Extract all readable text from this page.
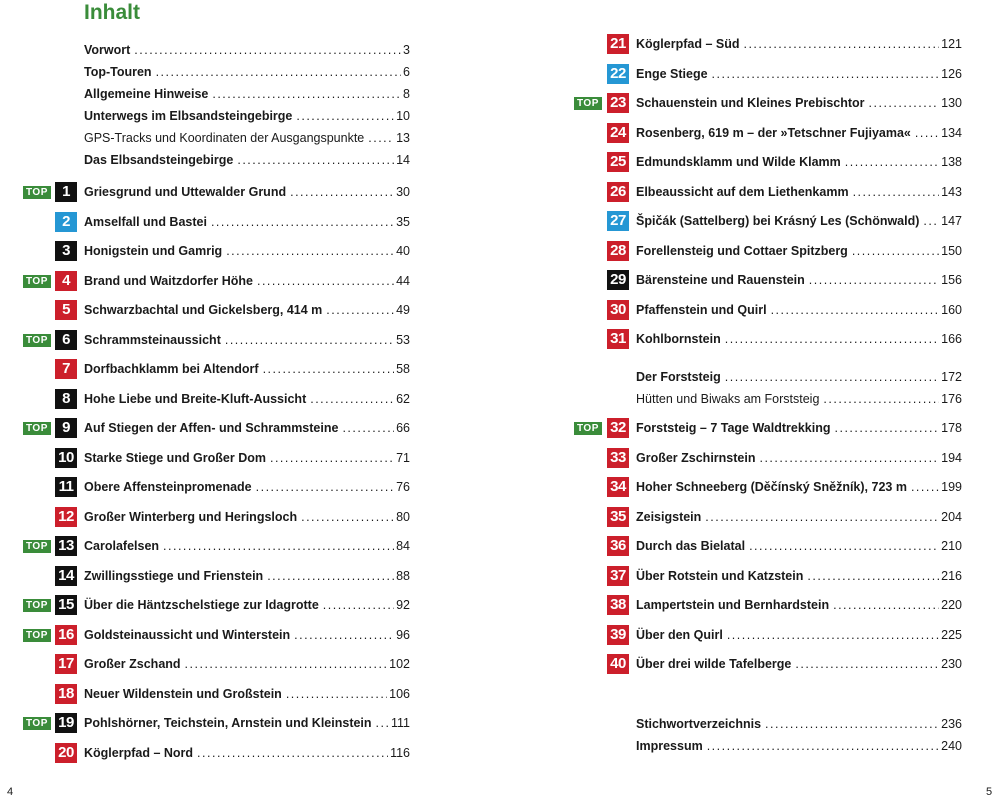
Inhalt
Vorwort .....	3
Top-Touren .....	6
Allgemeine Hinweise .....	8
Unterwegs im Elbsandsteingebirge .....	10
GPS-Tracks und Koordinaten der Ausgangspunkte .....	13
Das Elbsandsteingebirge .....	14
TOP 1	Griesgrund und Uttewalder Grund .....	30
2	Amselfall und Bastei .....	35
3	Honigstein und Gamrig .....	40
TOP 4	Brand und Waitzdorfer Höhe .....	44
5	Schwarzbachtal und Gickelsberg, 414 m .....	49
TOP 6	Schrammsteinaussicht .....	53
7	Dorfbachklamm bei Altendorf .....	58
8	Hohe Liebe und Breite-Kluft-Aussicht .....	62
TOP 9	Auf Stiegen der Affen- und Schrammsteine .....	66
10 Starke Stiege und Großer Dom .....	71
11 Obere Affensteinpromenade .....	76
12 Großer Winterberg und Heringsloch .....	80
TOP 13 Carolafelsen .....	84
14 Zwillingsstiege und Frienstein .....	88
TOP 15 Über die Häntzschelstiege zur Idagrotte .....	92
TOP 16 Goldsteinaussicht und Winterstein .....	96
17 Großer Zschand .....	102
18 Neuer Wildenstein und Großstein .....	106
TOP 19 Pohlshörner, Teichstein, Arnstein und Kleinstein ..... 111
20 Köglerpfad – Nord .....	116
21 Köglerpfad – Süd .....	121
22 Enge Stiege .....	126
TOP 23 Schauenstein und Kleines Prebischtor .....	130
24 Rosenberg, 619 m – der »Tetschner Fujiyama« ..... 134
25 Edmundsklamm und Wilde Klamm .....	138
26 Elbeaussicht auf dem Liethenkamm .....	143
27 Špičák (Sattelberg) bei Krásný Les (Schönwald) ..... 147
28 Forellensteig und Cottaer Spitzberg .....	150
29 Bärensteine und Rauenstein .....	156
30 Pfaffenstein und Quirl .....	160
31 Kohlbornstein .....	166
Der Forststeig .....	172
Hütten und Biwaks am Forststeig .....	176
TOP 32 Forststeig – 7 Tage Waldtrekking .....	178
33 Großer Zschirnstein .....	194
34 Hoher Schneeberg (Děčínský Sněžník), 723 m .....	199
35 Zeisigstein .....	204
36 Durch das Bielatal .....	210
37 Über Rotstein und Katzstein .....	216
38 Lampertstein und Bernhardstein .....	220
39 Über den Quirl .....	225
40 Über drei wilde Tafelberge .....	230
Stichwortverzeichnis .....	236
Impressum .....	240
4	5
